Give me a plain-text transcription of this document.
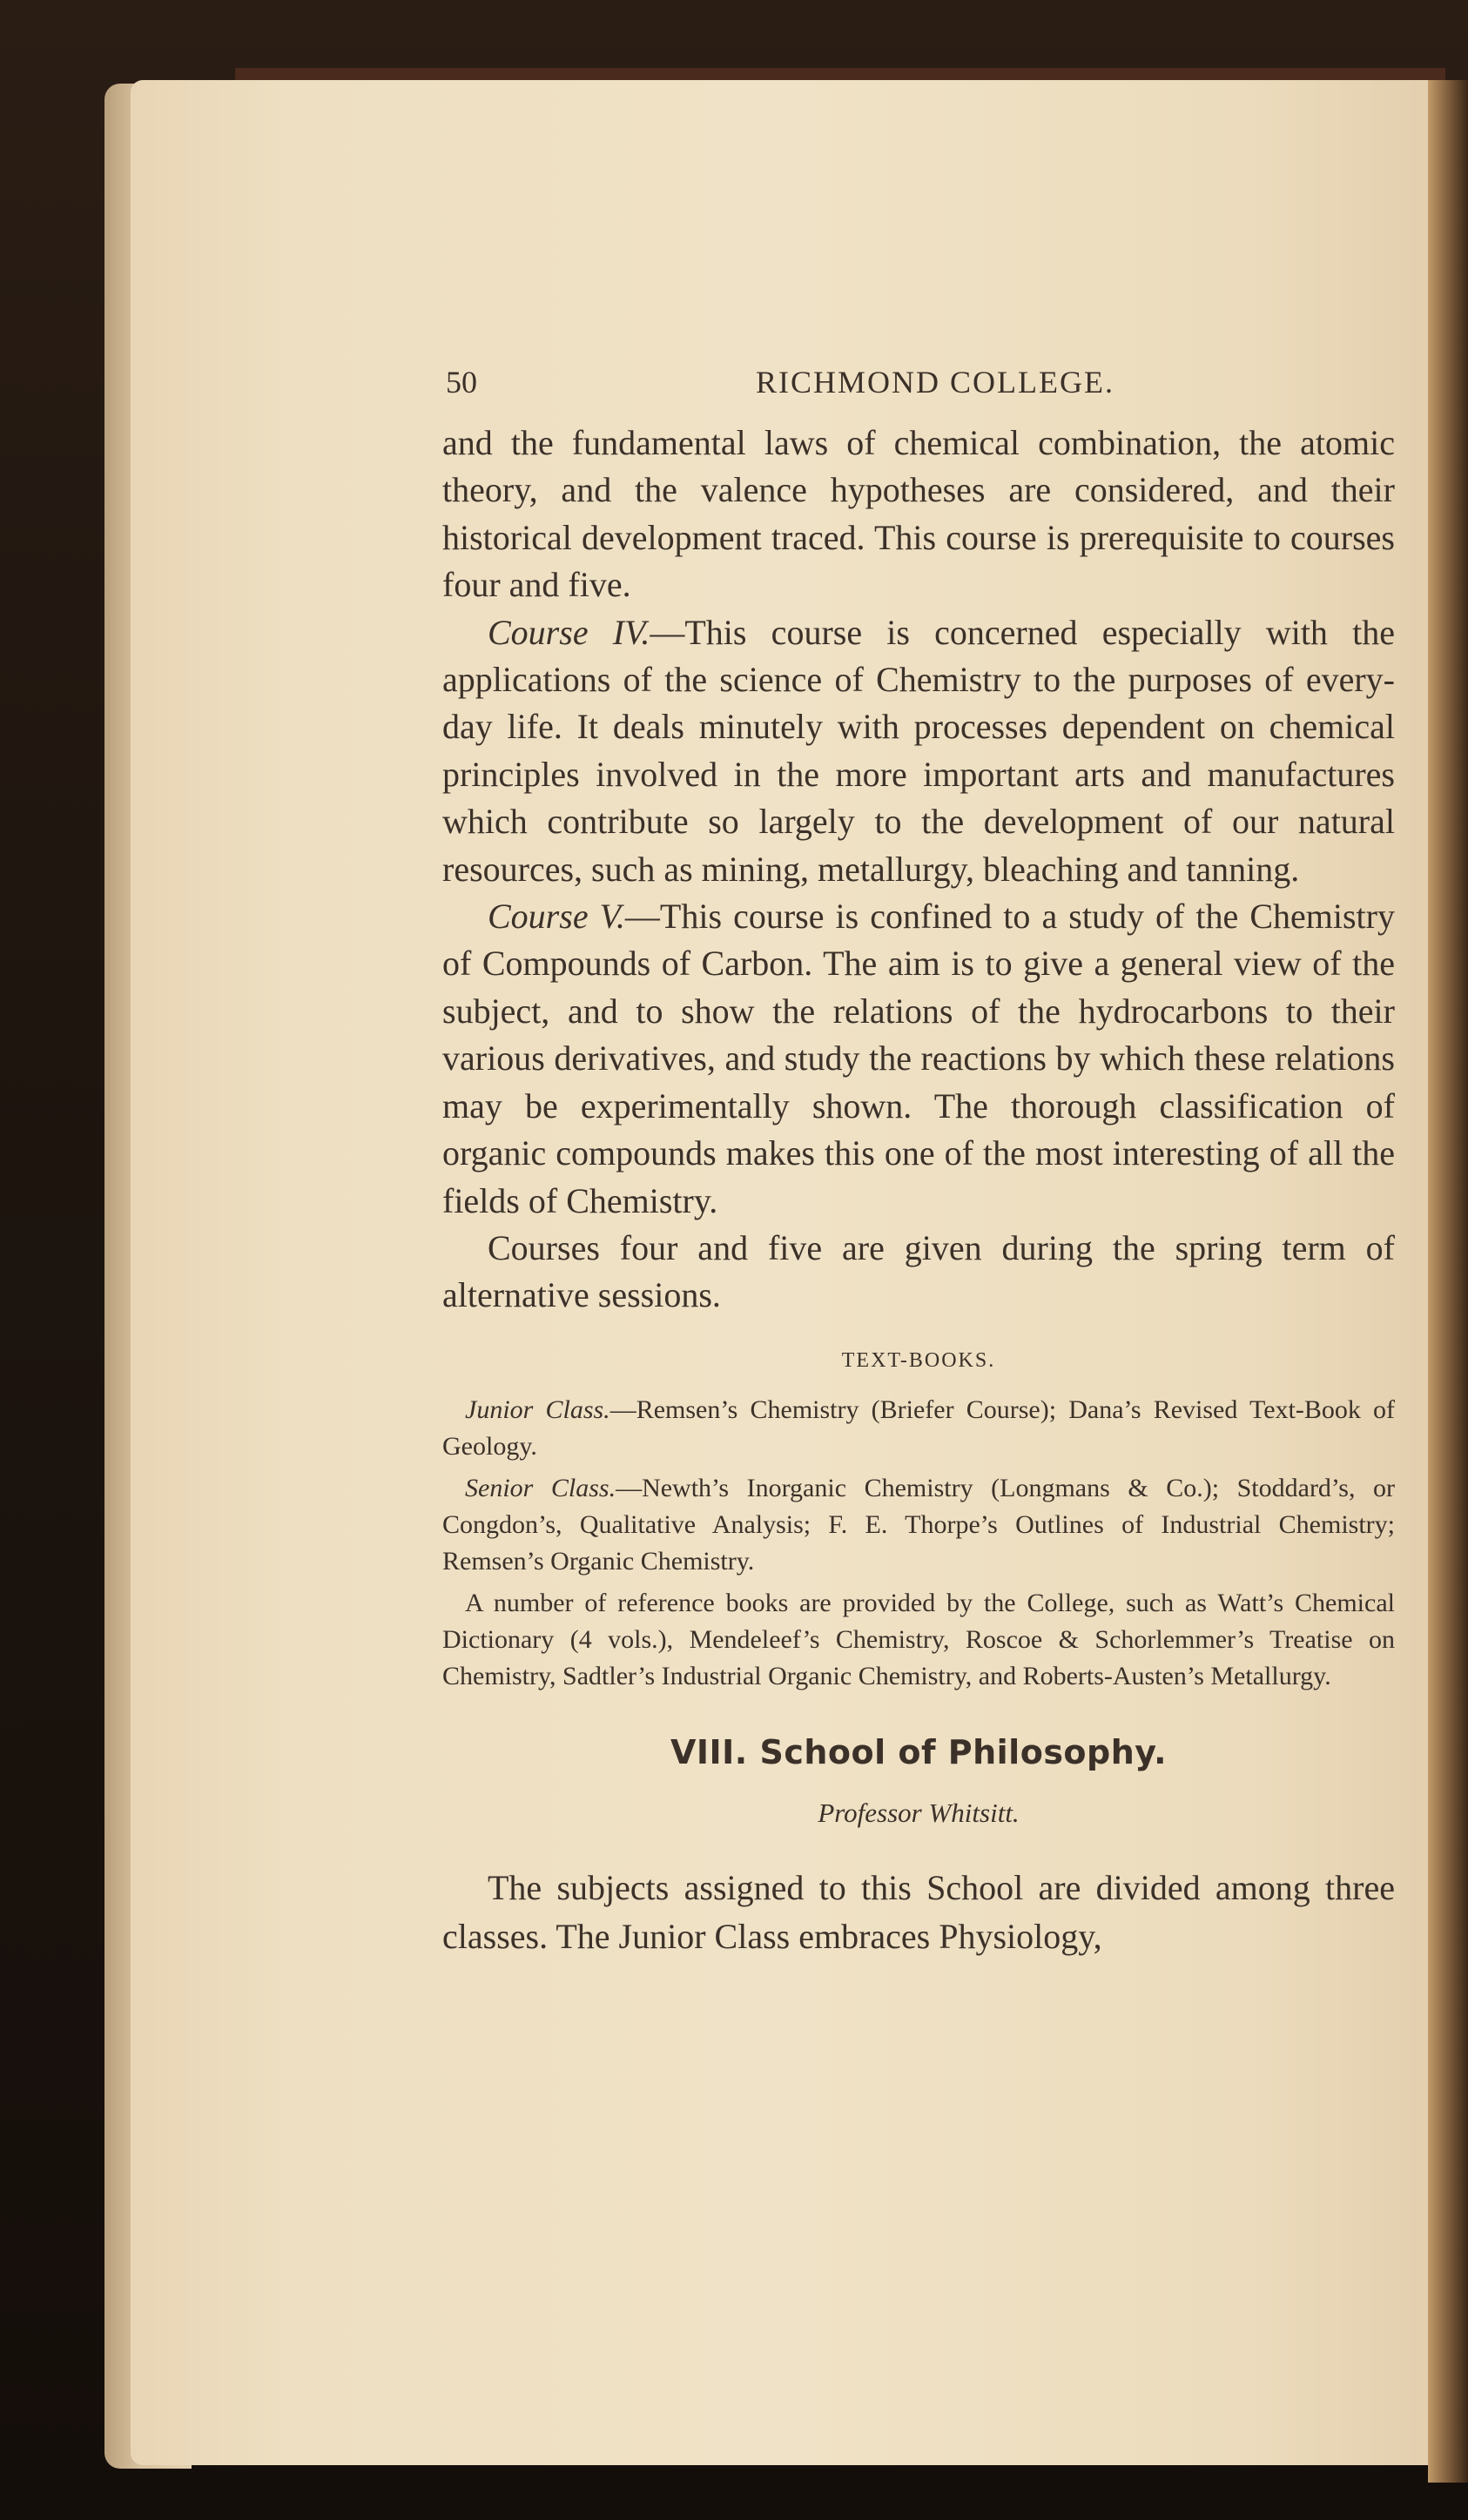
50	RICHMOND COLLEGE.

and the fundamental laws of chemical combination, the atomic theory, and the valence hypotheses are considered, and their historical development traced. This course is prerequisite to courses four and five.

Course IV.—This course is concerned especially with the applications of the science of Chemistry to the purposes of every-day life. It deals minutely with processes dependent on chemical principles involved in the more important arts and manufactures which contribute so largely to the development of our natural resources, such as mining, metallurgy, bleaching and tanning.

Course V.—This course is confined to a study of the Chemistry of Compounds of Carbon. The aim is to give a general view of the subject, and to show the relations of the hydrocarbons to their various derivatives, and study the reactions by which these relations may be experimentally shown. The thorough classification of organic compounds makes this one of the most interesting of all the fields of Chemistry.

Courses four and five are given during the spring term of alternative sessions.

TEXT-BOOKS.

Junior Class.—Remsen’s Chemistry (Briefer Course); Dana’s Revised Text-Book of Geology.

Senior Class.—Newth’s Inorganic Chemistry (Longmans & Co.); Stoddard’s, or Congdon’s, Qualitative Analysis; F. E. Thorpe’s Outlines of Industrial Chemistry; Remsen’s Organic Chemistry.

A number of reference books are provided by the College, such as Watt’s Chemical Dictionary (4 vols.), Mendeleef’s Chemistry, Roscoe & Schorlemmer’s Treatise on Chemistry, Sadtler’s Industrial Organic Chemistry, and Roberts-Austen’s Metallurgy.

VIII. School of Philosophy.
Professor Whitsitt.

The subjects assigned to this School are divided among three classes. The Junior Class embraces Physiology,
